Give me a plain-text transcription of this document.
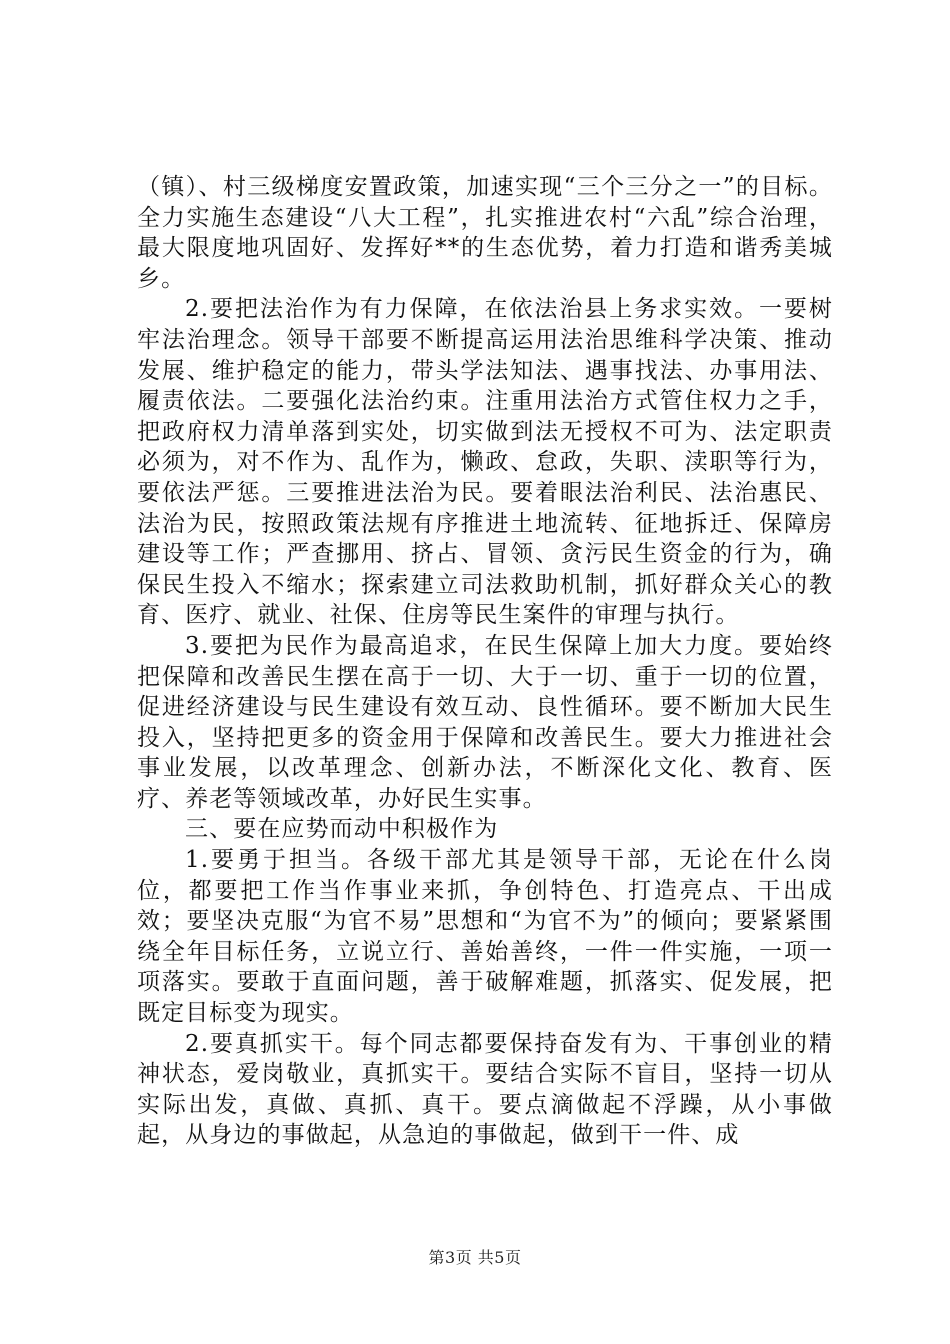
（镇）、村三级梯度安置政策，加速实现“三个三分之一”的目标。全力实施生态建设“八大工程”，扎实推进农村“六乱”综合治理，最大限度地巩固好、发挥好**的生态优势，着力打造和谐秀美城乡。

2.要把法治作为有力保障，在依法治县上务求实效。一要树牢法治理念。领导干部要不断提高运用法治思维科学决策、推动发展、维护稳定的能力，带头学法知法、遇事找法、办事用法、履责依法。二要强化法治约束。注重用法治方式管住权力之手，把政府权力清单落到实处，切实做到法无授权不可为、法定职责必须为，对不作为、乱作为，懒政、怠政，失职、渎职等行为，要依法严惩。三要推进法治为民。要着眼法治利民、法治惠民、法治为民，按照政策法规有序推进土地流转、征地拆迁、保障房建设等工作；严查挪用、挤占、冒领、贪污民生资金的行为，确保民生投入不缩水；探索建立司法救助机制，抓好群众关心的教育、医疗、就业、社保、住房等民生案件的审理与执行。

3.要把为民作为最高追求，在民生保障上加大力度。要始终把保障和改善民生摆在高于一切、大于一切、重于一切的位置，促进经济建设与民生建设有效互动、良性循环。要不断加大民生投入，坚持把更多的资金用于保障和改善民生。要大力推进社会事业发展，以改革理念、创新办法，不断深化文化、教育、医疗、养老等领域改革，办好民生实事。

三、要在应势而动中积极作为

1.要勇于担当。各级干部尤其是领导干部，无论在什么岗位，都要把工作当作事业来抓，争创特色、打造亮点、干出成效；要坚决克服“为官不易”思想和“为官不为”的倾向；要紧紧围绕全年目标任务，立说立行、善始善终，一件一件实施，一项一项落实。要敢于直面问题，善于破解难题，抓落实、促发展，把既定目标变为现实。

2.要真抓实干。每个同志都要保持奋发有为、干事创业的精神状态，爱岗敬业，真抓实干。要结合实际不盲目，坚持一切从实际出发，真做、真抓、真干。要点滴做起不浮躁，从小事做起，从身边的事做起，从急迫的事做起，做到干一件、成

第3页 共5页
